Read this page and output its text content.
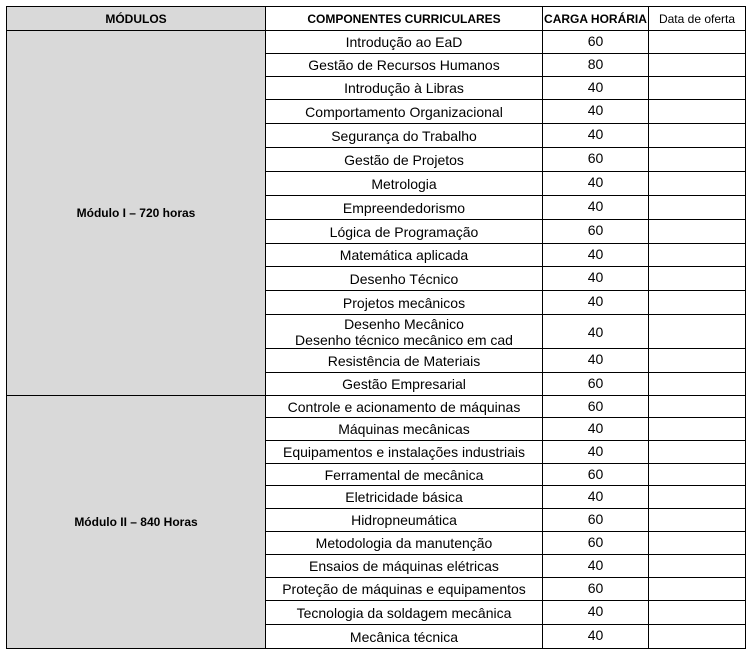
MÓDULOS	COMPONENTES CURRICULARES	CARGA HORÁRIA	Data de oferta
Módulo I – 720 horas	Introdução ao EaD	60	

	Gestão de Recursos Humanos	80	

	Introdução à Libras	40	

	Comportamento Organizacional	40	

	Segurança do Trabalho	40	

	Gestão de Projetos	60	

	Metrologia	40	

	Empreendedorismo	40	

	Lógica de Programação	60	

	Matemática aplicada	40	

	Desenho Técnico	40	

	Projetos mecânicos	40	

	Desenho Mecânico
Desenho técnico mecânico em cad	40	

	Resistência de Materiais	40	

	Gestão Empresarial	60	
Módulo II – 840 Horas	Controle e acionamento de máquinas	60	

	Máquinas mecânicas	40	

	Equipamentos e instalações industriais	40	

	Ferramental de mecânica	60	

	Eletricidade básica	40	

	Hidropneumática	60	

	Metodologia da manutenção	60	

	Ensaios de máquinas elétricas	40	

	Proteção de máquinas e equipamentos	60	

	Tecnologia da soldagem mecânica	40	

	Mecânica técnica	40	
